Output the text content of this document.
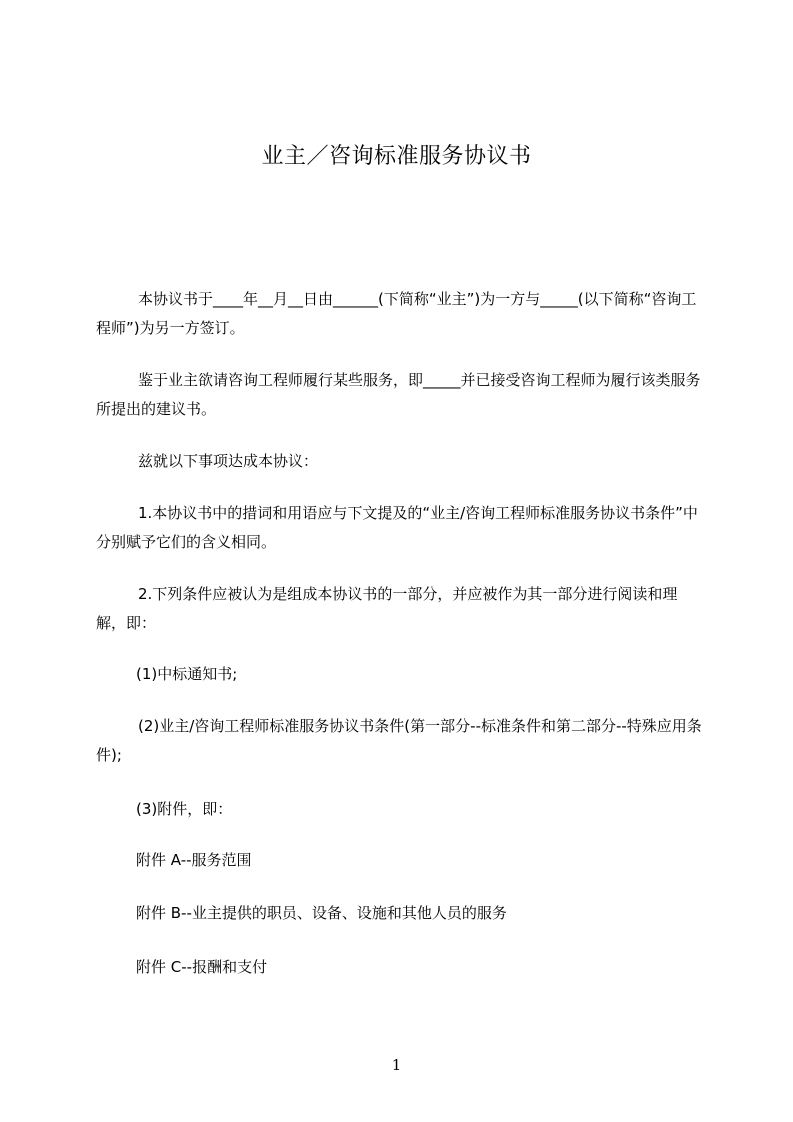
业主／咨询标准服务协议书

本协议书于____年__月__日由______(下简称“业主”)为一方与_____(以下简称“咨询工程师”)为另一方签订。

鉴于业主欲请咨询工程师履行某些服务，即_____并已接受咨询工程师为履行该类服务所提出的建议书。

兹就以下事项达成本协议：

1.本协议书中的措词和用语应与下文提及的“业主/咨询工程师标准服务协议书条件”中分别赋予它们的含义相同。

2.下列条件应被认为是组成本协议书的一部分，并应被作为其一部分进行阅读和理解，即：

(1)中标通知书;

(2)业主/咨询工程师标准服务协议书条件(第一部分--标准条件和第二部分--特殊应用条件);

(3)附件，即：

附件 A--服务范围

附件 B--业主提供的职员、设备、设施和其他人员的服务

附件 C--报酬和支付

1
